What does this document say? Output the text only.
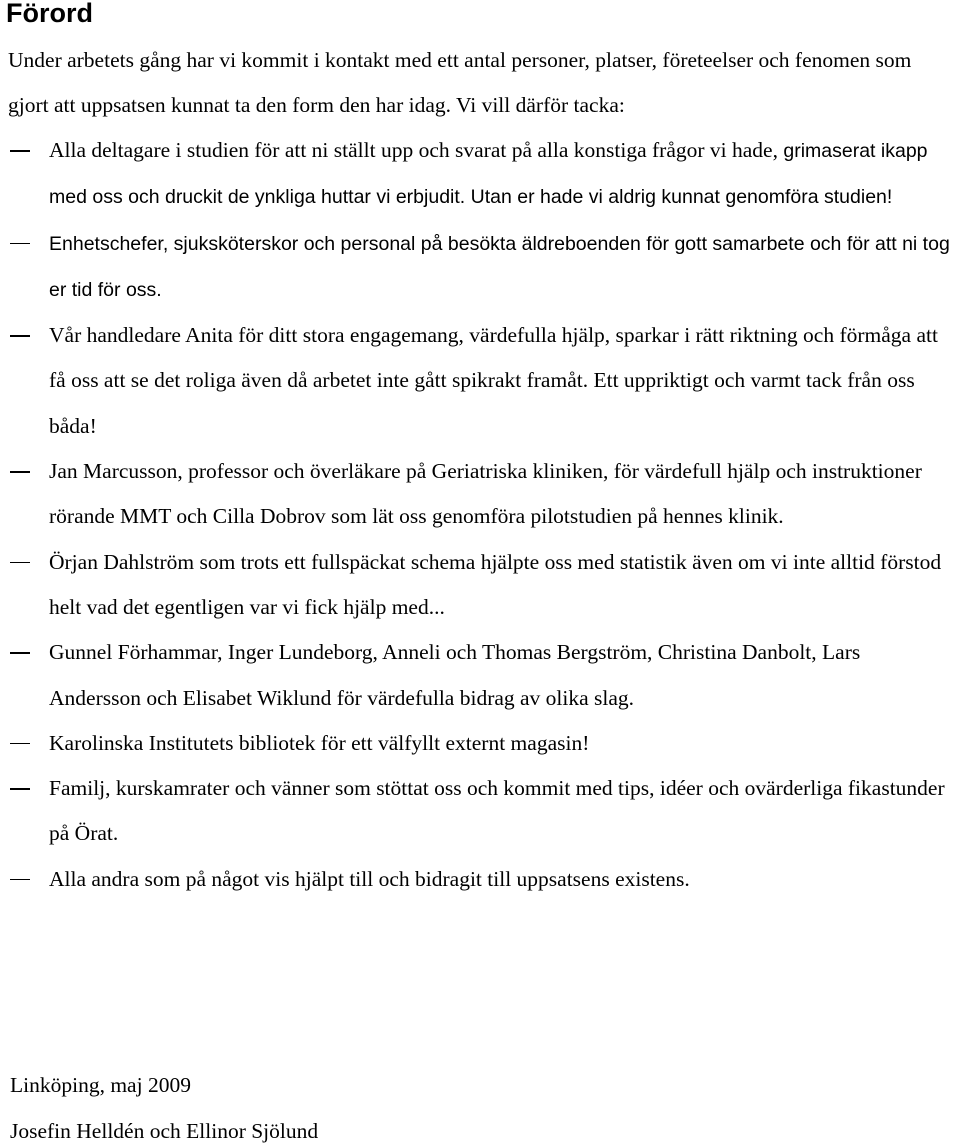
Förord

Under arbetets gång har vi kommit i kontakt med ett antal personer, platser, företeelser och fenomen som gjort att uppsatsen kunnat ta den form den har idag. Vi vill därför tacka:

Alla deltagare i studien för att ni ställt upp och svarat på alla konstiga frågor vi hade, grimaserat ikapp med oss och druckit de ynkliga huttar vi erbjudit. Utan er hade vi aldrig kunnat genomföra studien!
Enhetschefer, sjuksköterskor och personal på besökta äldreboenden för gott samarbete och för att ni tog er tid för oss.
Vår handledare Anita för ditt stora engagemang, värdefulla hjälp, sparkar i rätt riktning och förmåga att få oss att se det roliga även då arbetet inte gått spikrakt framåt. Ett uppriktigt och varmt tack från oss båda!
Jan Marcusson, professor och överläkare på Geriatriska kliniken, för värdefull hjälp och instruktioner rörande MMT och Cilla Dobrov som lät oss genomföra pilotstudien på hennes klinik.
Örjan Dahlström som trots ett fullspäckat schema hjälpte oss med statistik även om vi inte alltid förstod helt vad det egentligen var vi fick hjälp med...
Gunnel Förhammar, Inger Lundeborg, Anneli och Thomas Bergström, Christina Danbolt, Lars Andersson och Elisabet Wiklund för värdefulla bidrag av olika slag.
Karolinska Institutets bibliotek för ett välfyllt externt magasin!
Familj, kurskamrater och vänner som stöttat oss och kommit med tips, idéer och ovärderliga fikastunder på Örat.
Alla andra som på något vis hjälpt till och bidragit till uppsatsens existens.

Linköping, maj 2009

Josefin Helldén och Ellinor Sjölund
